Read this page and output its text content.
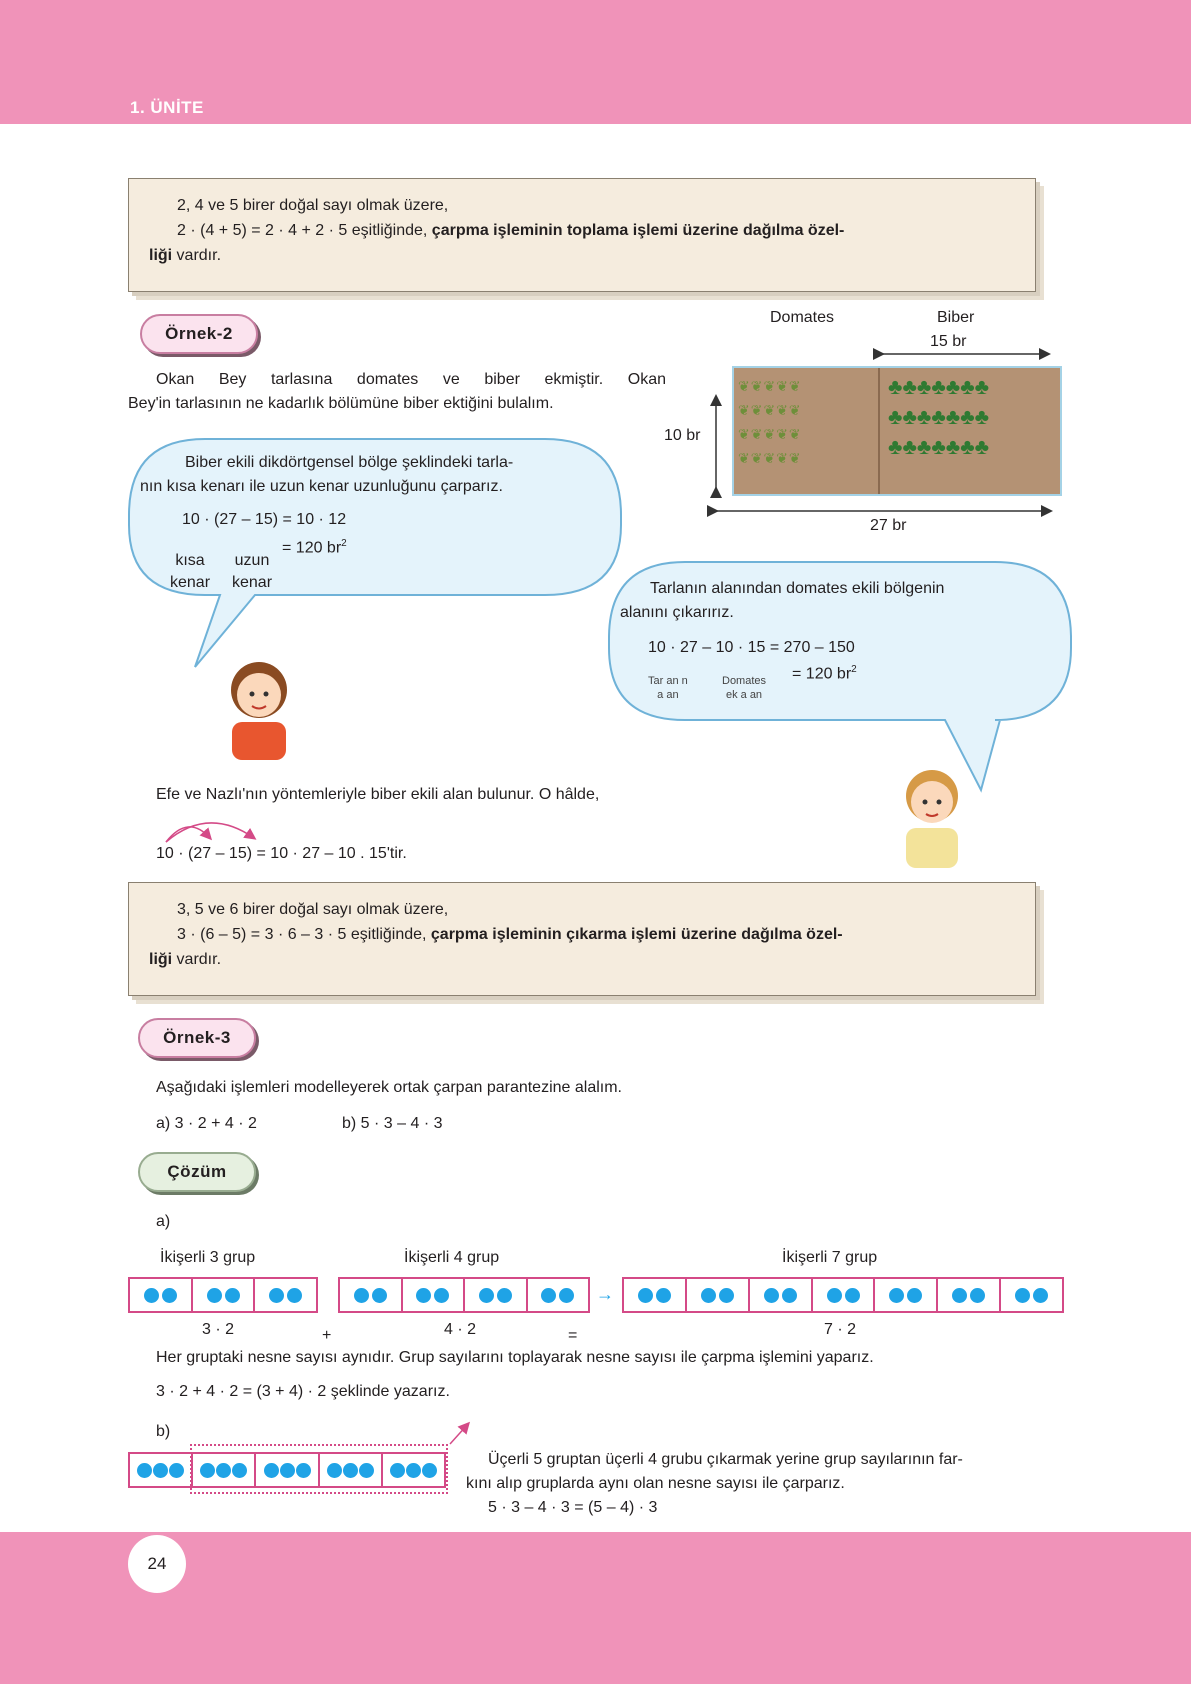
1. ÜNİTE

2, 4 ve 5 birer doğal sayı olmak üzere,

2 · (4 + 5) = 2 · 4 + 2 · 5 eşitliğinde, çarpma işleminin toplama işlemi üzerine dağılma özel-

liği vardır.

Örnek-2
Okan Bey tarlasına domates ve biber ekmiştir. Okan
Bey'in tarlasının ne kadarlık bölümüne biber ektiğini bulalım.
Domates	Biber
15 br
10 br
27 br
❦❦❦❦❦
❦❦❦❦❦
❦❦❦❦❦
❦❦❦❦❦
♣♣♣♣♣♣♣
♣♣♣♣♣♣♣
♣♣♣♣♣♣♣
Biber ekili dikdörtgensel bölge şeklindeki tarla-
nın kısa kenarı ile uzun kenar uzunluğunu çarparız.
10 · (27 – 15) = 10 · 12
= 120 $br^2$
kısa
kenar
uzun
kenar	Tarlanın alanından domates ekili bölgenin
alanını çıkarırız.
10 · 27 – 10 · 15 = 270 – 150
= 120 $br^2$
Tar an n
a an
Domates
ek a an
Efe ve Nazlı'nın yöntemleriyle biber ekili alan bulunur. O hâlde,
10 · (27 – 15) = 10 · 27 – 10 . 15'tir.

3, 5 ve 6 birer doğal sayı olmak üzere,

3 · (6 – 5) = 3 · 6 – 3 · 5 eşitliğinde, çarpma işleminin çıkarma işlemi üzerine dağılma özel-

liği vardır.

Örnek-3
Aşağıdaki işlemleri modelleyerek ortak çarpan parantezine alalım.
a) 3 · 2 + 4 · 2	b) 5 · 3 – 4 · 3
Çözüm
a)
İkişerli 3 grup	İkişerli 4 grup	İkişerli 7 grup
→
3 · 2	+	4 · 2	=	7 · 2
Her gruptaki nesne sayısı aynıdır. Grup sayılarını toplayarak nesne sayısı ile çarpma işlemini yaparız.
3 · 2 + 4 · 2 = (3 + 4) · 2 şeklinde yazarız.
b)
Üçerli 5 gruptan üçerli 4 grubu çıkarmak yerine grup sayılarının far-
kını alıp gruplarda aynı olan nesne sayısı ile çarparız.
5 · 3 – 4 · 3 = (5 – 4) · 3
24
